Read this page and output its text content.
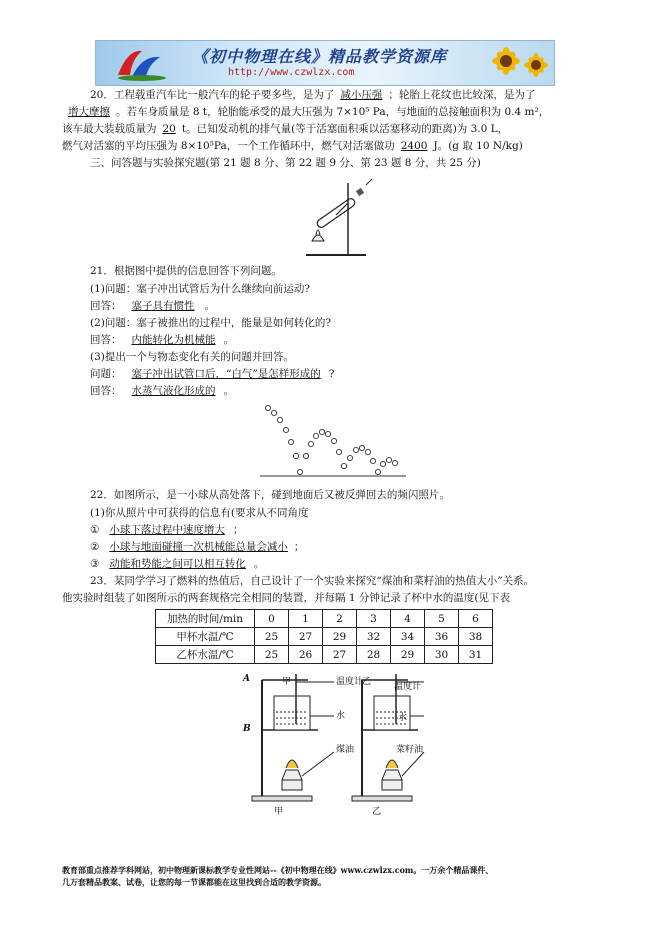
《初中物理在线》精品教学资源库
http://www.czwlzx.com
20．工程载重汽车比一般汽车的轮子要多些，是为了 减小压强 ；轮胎上花纹也比较深，是为了
增大摩擦 。若车身质量是 8 t，轮胎能承受的最大压强为 7×10⁵ Pa，与地面的总接触面积为 0.4 m²，
该车最大装载质量为 20 t。已知发动机的排气量(等于活塞面积乘以活塞移动的距离)为 3.0 L，
燃气对活塞的平均压强为 8×10⁵Pa，一个工作循环中，燃气对活塞做功 2400 J。(g 取 10 N/kg)
三、问答题与实验探究题(第 21 题 8 分、第 22 题 9 分、第 23 题 8 分，共 25 分)
21．根据图中提供的信息回答下列问题。
(1)问题：塞子冲出试管后为什么继续向前运动?
回答： 塞子具有惯性 。
(2)问题：塞子被推出的过程中，能量是如何转化的?
回答： 内能转化为机械能 。
(3)提出一个与物态变化有关的问题并回答。
问题： 塞子冲出试管口后，“白气”是怎样形成的 ?
回答： 水蒸气液化形成的 。
22．如图所示，是一小球从高处落下，碰到地面后又被反弹回去的频闪照片。
(1)你从照片中可获得的信息有(要求从不同角度
① 小球下落过程中速度增大 ；
② 小球与地面碰撞一次机械能总量会减小 ；
③ 动能和势能之间可以相互转化 。
23．某同学学习了燃料的热值后，自己设计了一个实验来探究“煤油和菜籽油的热值大小”关系。
他实验时组装了如图所示的两套规格完全相同的装置，并每隔 1 分钟记录了杯中水的温度(见下表
加热的时间/min	0	1	2	3	4	5	6
甲杯水温/℃	25	27	29	32	34	36	38
乙杯水温/℃	25	26	27	28	29	30	31
A
B
甲	温度计
水
煤油
乙	温度计
水
菜籽油
甲	乙
教育部重点推荐学科网站，初中物理新课标教学专业性网站--《初中物理在线》www.czwlzx.com。一万余个精品课件、
几万套精品教案、试卷，让您的每一节课都能在这里找到合适的教学资源。
